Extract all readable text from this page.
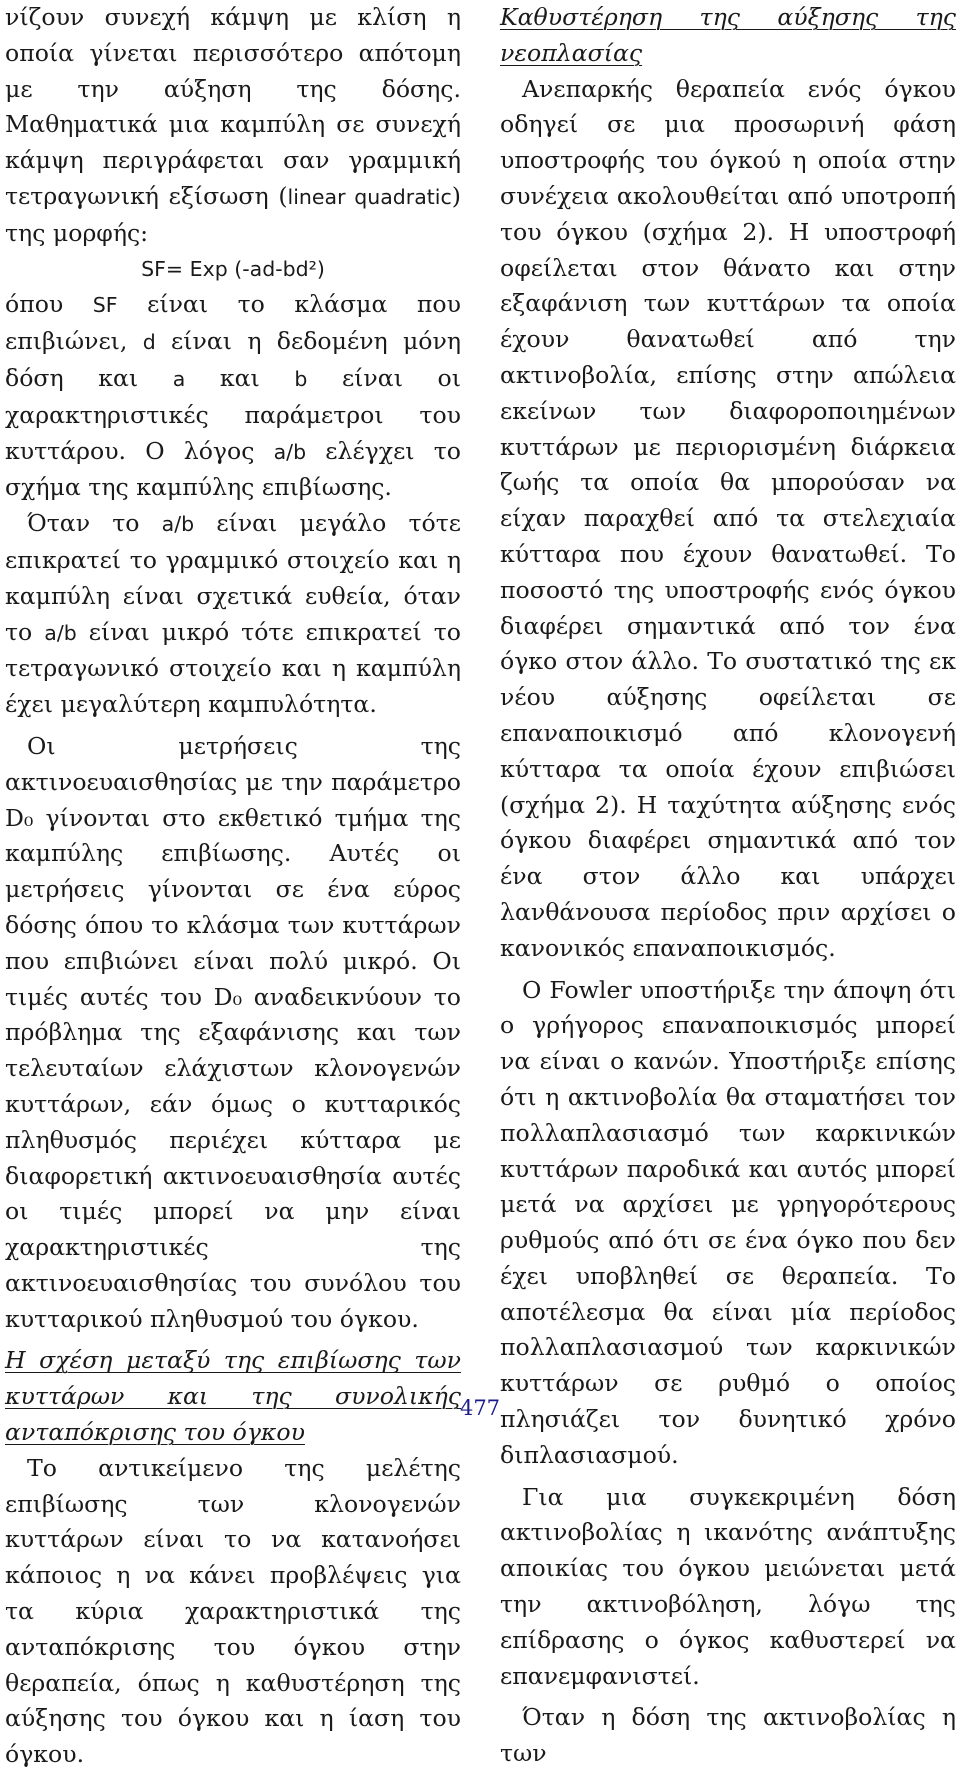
νίζουν συνεχή κάμψη με κλίση η οποία γίνεται περισσότερο απότομη με την αύξηση της δόσης. Μαθηματικά μια καμπύλη σε συνεχή κάμψη περιγράφεται σαν γραμμική τετραγωνική εξίσωση (linear quadratic) της μορφής:

SF= Exp (-ad-bd²)

όπου SF είναι το κλάσμα που επιβιώνει, d είναι η δεδομένη μόνη δόση και a και b είναι οι χαρακτηριστικές παράμετροι του κυττάρου. Ο λόγος a/b ελέγχει το σχήμα της καμπύλης επιβίωσης.

Όταν το a/b είναι μεγάλο τότε επικρατεί το γραμμικό στοιχείο και η καμπύλη είναι σχετικά ευθεία, όταν το a/b είναι μικρό τότε επικρατεί το τετραγωνικό στοιχείο και η καμπύλη έχει μεγαλύτερη καμπυλότητα.

Οι μετρήσεις της ακτινοευαισθησίας με την παράμετρο D₀ γίνονται στο εκθετικό τμήμα της καμπύλης επιβίωσης. Αυτές οι μετρήσεις γίνονται σε ένα εύρος δόσης όπου το κλάσμα των κυττάρων που επιβιώνει είναι πολύ μικρό. Οι τιμές αυτές του D₀ αναδεικνύουν το πρόβλημα της εξαφάνισης και των τελευταίων ελάχιστων κλονογενών κυττάρων, εάν όμως ο κυτταρικός πληθυσμός περιέχει κύτταρα με διαφορετική ακτινοευαισθησία αυτές οι τιμές μπορεί να μην είναι χαρακτηριστικές της ακτινοευαισθησίας του συνόλου του κυτταρικού πληθυσμού του όγκου.

Η σχέση μεταξύ της επιβίωσης των κυττάρων και της συνολικής ανταπόκρισης του όγκου

Το αντικείμενο της μελέτης επιβίωσης των κλονογενών κυττάρων είναι το να κατανοήσει κάποιος η να κάνει προβλέψεις για τα κύρια χαρακτηριστικά της ανταπόκρισης του όγκου στην θεραπεία, όπως η καθυστέρηση της αύξησης του όγκου και η ίαση του όγκου.

Καθυστέρηση της αύξησης της νεοπλασίας

Ανεπαρκής θεραπεία ενός όγκου οδηγεί σε μια προσωρινή φάση υποστροφής του όγκού η οποία στην συνέχεια ακολουθείται από υποτροπή του όγκου (σχήμα 2). Η υποστροφή οφείλεται στον θάνατο και στην εξαφάνιση των κυττάρων τα οποία έχουν θανατωθεί από την ακτινοβολία, επίσης στην απώλεια εκείνων των διαφοροποιημένων κυττάρων με περιορισμένη διάρκεια ζωής τα οποία θα μπορούσαν να είχαν παραχθεί από τα στελεχιαία κύτταρα που έχουν θανατωθεί. Το ποσοστό της υποστροφής ενός όγκου διαφέρει σημαντικά από τον ένα όγκο στον άλλο. Το συστατικό της εκ νέου αύξησης οφείλεται σε επαναποικισμό από κλονογενή κύτταρα τα οποία έχουν επιβιώσει (σχήμα 2). Η ταχύτητα αύξησης ενός όγκου διαφέρει σημαντικά από τον ένα στον άλλο και υπάρχει λανθάνουσα περίοδος πριν αρχίσει ο κανονικός επαναποικισμός.

Ο Fowler υποστήριξε την άποψη ότι ο γρήγορος επαναποικισμός μπορεί να είναι ο κανών. Υποστήριξε επίσης ότι η ακτινοβολία θα σταματήσει τον πολλαπλασιασμό των καρκινικών κυττάρων παροδικά και αυτός μπορεί μετά να αρχίσει με γρηγορότερους ρυθμούς από ότι σε ένα όγκο που δεν έχει υποβληθεί σε θεραπεία. Το αποτέλεσμα θα είναι μία περίοδος πολλαπλασιασμού των καρκινικών κυττάρων σε ρυθμό ο οποίος πλησιάζει τον δυνητικό χρόνο διπλασιασμού.

Για μια συγκεκριμένη δόση ακτινοβολίας η ικανότης ανάπτυξης αποικίας του όγκου μειώνεται μετά την ακτινοβόληση, λόγω της επίδρασης ο όγκος καθυστερεί να επανεμφανιστεί.

Όταν η δόση της ακτινοβολίας η των

477
